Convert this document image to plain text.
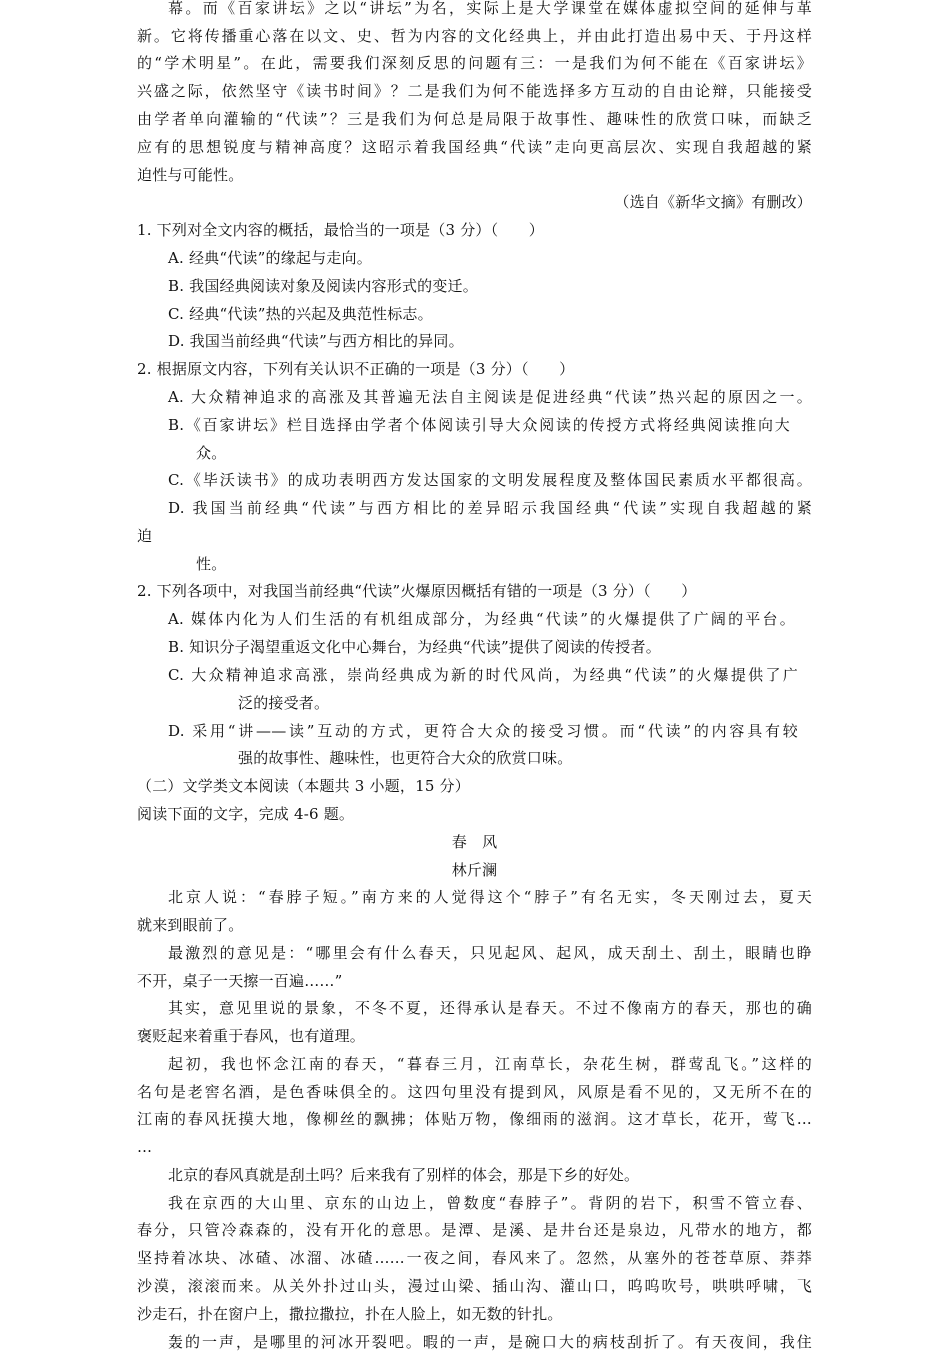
幕。而《百家讲坛》之以“讲坛”为名，实际上是大学课堂在媒体虚拟空间的延伸与革
新。它将传播重心落在以文、史、哲为内容的文化经典上，并由此打造出易中天、于丹这样
的“学术明星”。在此，需要我们深刻反思的问题有三：一是我们为何不能在《百家讲坛》
兴盛之际，依然坚守《读书时间》？二是我们为何不能选择多方互动的自由论辩，只能接受
由学者单向灌输的“代读”？三是我们为何总是局限于故事性、趣味性的欣赏口味，而缺乏
应有的思想锐度与精神高度？这昭示着我国经典“代读”走向更高层次、实现自我超越的紧
迫性与可能性。
（选自《新华文摘》有删改）
1. 下列对全文内容的概括，最恰当的一项是（3 分）（　　）
A. 经典“代读”的缘起与走向。
B. 我国经典阅读对象及阅读内容形式的变迁。
C. 经典“代读”热的兴起及典范性标志。
D. 我国当前经典“代读”与西方相比的异同。
2. 根据原文内容，下列有关认识不正确的一项是（3 分）（　　）
A. 大众精神追求的高涨及其普遍无法自主阅读是促进经典“代读”热兴起的原因之一。
B.《百家讲坛》栏目选择由学者个体阅读引导大众阅读的传授方式将经典阅读推向大
众。
C.《毕沃读书》的成功表明西方发达国家的文明发展程度及整体国民素质水平都很高。
D. 我国当前经典“代读”与西方相比的差异昭示我国经典“代读”实现自我超越的紧
迫
性。
2. 下列各项中，对我国当前经典“代读”火爆原因概括有错的一项是（3 分）（　　）
A. 媒体内化为人们生活的有机组成部分，为经典“代读”的火爆提供了广阔的平台。
B. 知识分子渴望重返文化中心舞台，为经典“代读”提供了阅读的传授者。
C. 大众精神追求高涨，崇尚经典成为新的时代风尚，为经典“代读”的火爆提供了广
泛的接受者。
D. 采用“讲——读”互动的方式，更符合大众的接受习惯。而“代读”的内容具有较
强的故事性、趣味性，也更符合大众的欣赏口味。
（二）文学类文本阅读（本题共 3 小题，15 分）
阅读下面的文字，完成 4-6 题。
春　风
林斤澜
北京人说：“春脖子短。”南方来的人觉得这个“脖子”有名无实，冬天刚过去，夏天
就来到眼前了。
最激烈的意见是：“哪里会有什么春天，只见起风、起风，成天刮土、刮土，眼睛也睁
不开，桌子一天擦一百遍……”
其实，意见里说的景象，不冬不夏，还得承认是春天。不过不像南方的春天，那也的确
褒贬起来着重于春风，也有道理。
起初，我也怀念江南的春天，“暮春三月，江南草长，杂花生树，群莺乱飞。”这样的
名句是老窖名酒，是色香味俱全的。这四句里没有提到风，风原是看不见的，又无所不在的
江南的春风抚摸大地，像柳丝的飘拂；体贴万物，像细雨的滋润。这才草长，花开，莺飞…
…
北京的春风真就是刮土吗？后来我有了别样的体会，那是下乡的好处。
我在京西的大山里、京东的山边上，曾数度“春脖子”。背阴的岩下，积雪不管立春、
春分，只管冷森森的，没有开化的意思。是潭、是溪、是井台还是泉边，凡带水的地方，都
坚持着冰块、冰碴、冰溜、冰碴……一夜之间，春风来了。忽然，从塞外的苍苍草原、莽莽
沙漠，滚滚而来。从关外扑过山头，漫过山梁、插山沟、灌山口，呜呜吹号，哄哄呼啸，飞
沙走石，扑在窗户上，撒拉撒拉，扑在人脸上，如无数的针扎。
轰的一声，是哪里的河冰开裂吧。暇的一声，是碗口大的病枝刮折了。有天夜间，我住
